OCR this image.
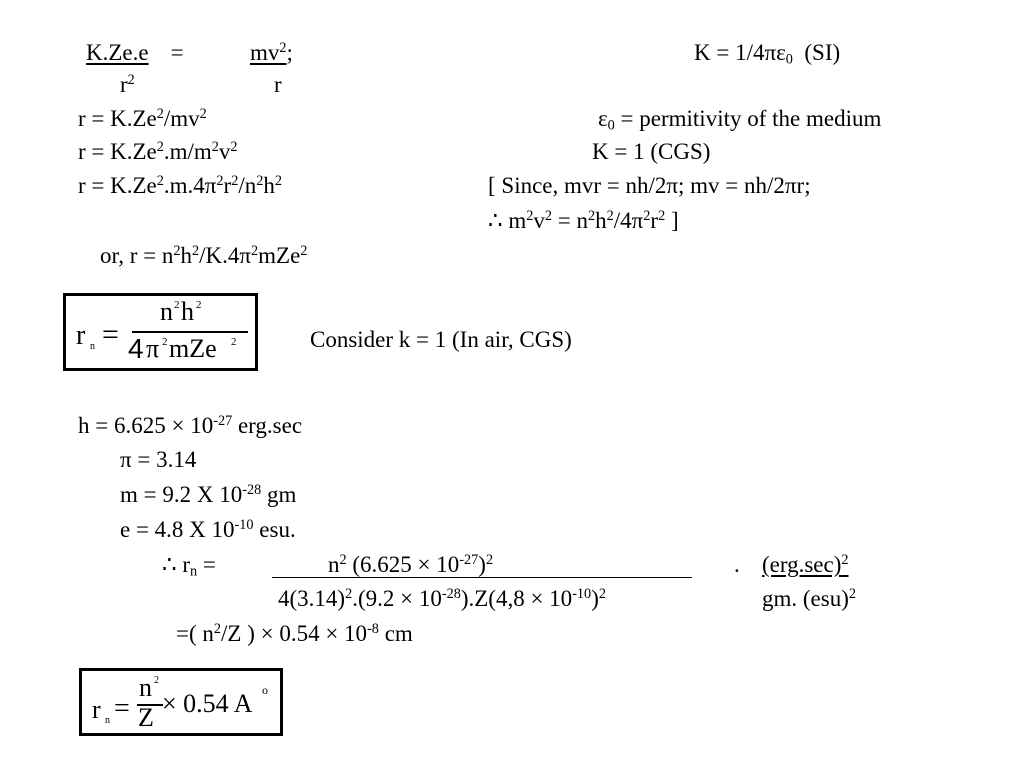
K.Ze.e =	$mv^2$;	$K = 1/4\pi\varepsilon_0$ (SI)
$r^2$	r
$r = K.Ze^2/mv^2$	$\varepsilon_0$ = permitivity of the medium
$r = K.Ze^2.m/m^2v^2$	K = 1 (CGS)
$r = K.Ze^2.m.4\pi^2r^2/n^2h^2$	[ Since, mvr = nh/2π; mv = nh/2πr;
∴ $m^2v^2 = n^2h^2/4\pi^2r^2$ ]
or, $r = n^2h^2/K.4\pi^2mZe^2$
r n =
n 2 h 2
4 π 2 mZe 2	Consider k = 1 (In air, CGS)
$h = 6.625 \times 10^{-27}$ erg.sec
π = 3.14
m = 9.2 X $10^{-28}$ gm
e = 4.8 X $10^{-10}$ esu.
∴ $r_n$ =	$n^2$ $(6.625 \times 10^{-27})^2$	. $(erg.\sec)^2$
$4(3.14)^2.(9.2 \times 10^{-28}).Z(4,8 \times 10^{-10})^2$	gm. (esu)$^2$
=( $n^2/Z$ ) × $0.54 \times 10^{-8}$ cm
r n =
n 2
Z × 0.54 A o
